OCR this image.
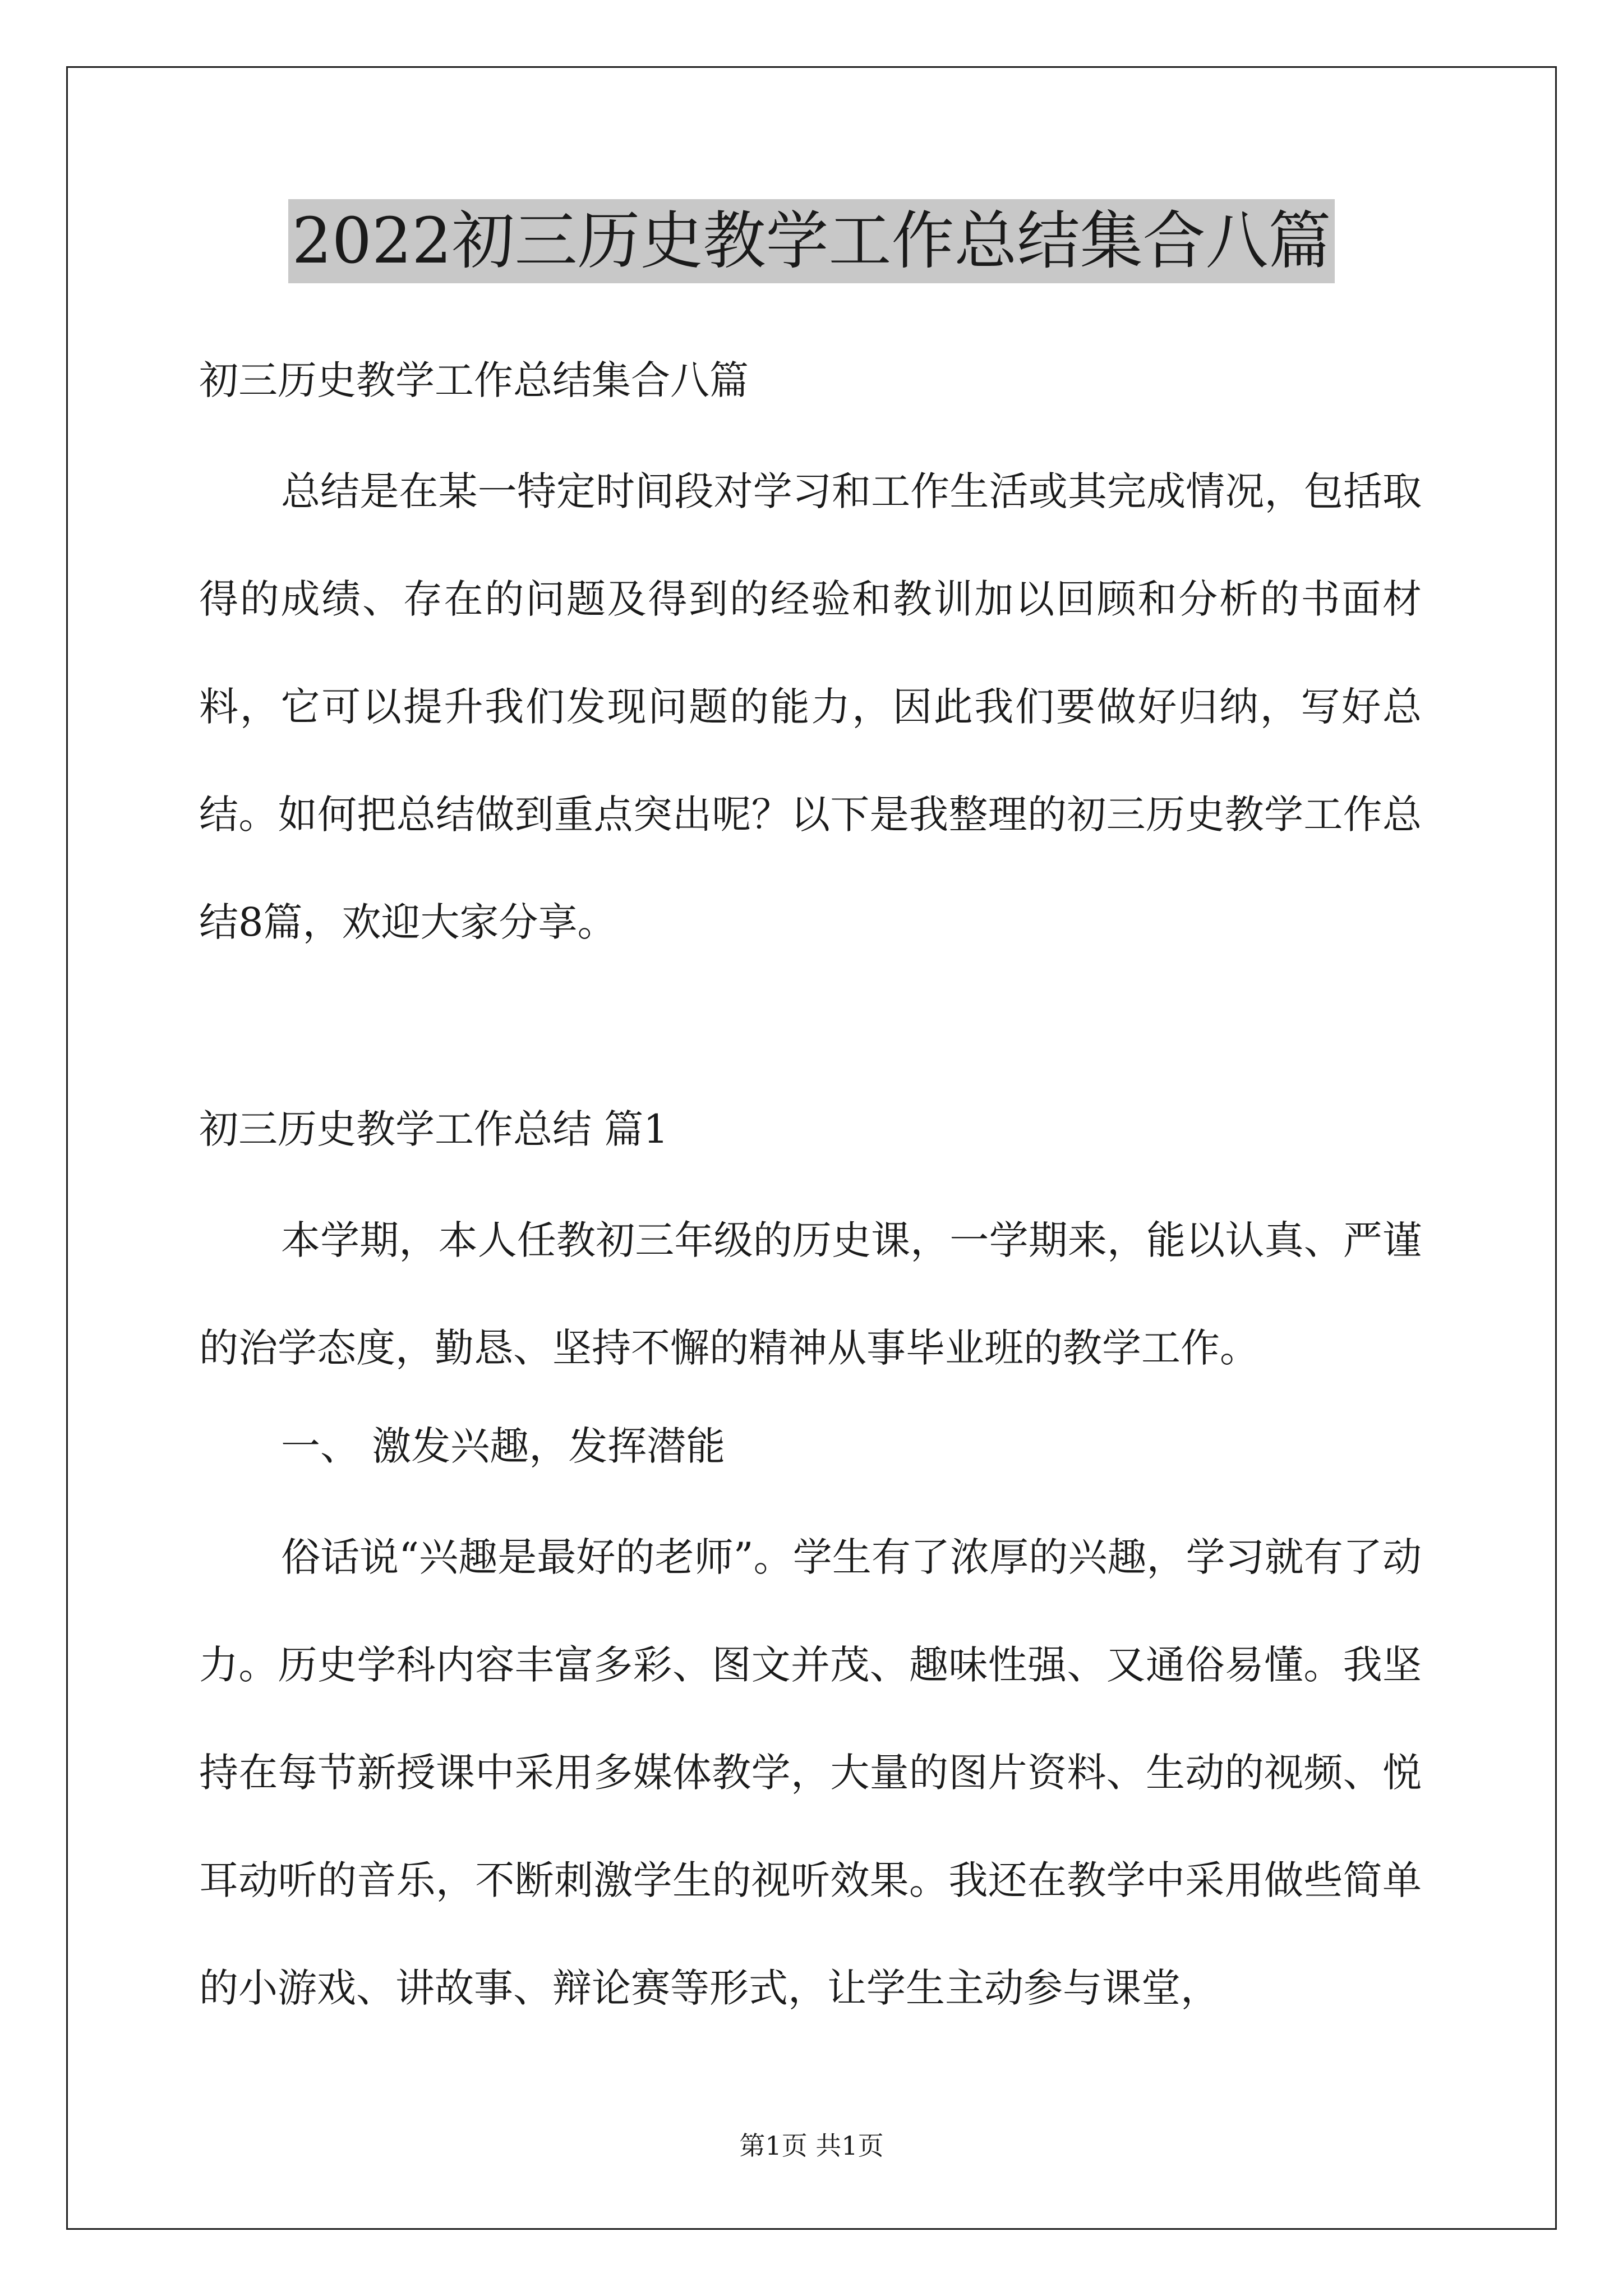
2022初三历史教学工作总结集合八篇
初三历史教学工作总结集合八篇

总结是在某一特定时间段对学习和工作生活或其完成情况，包括取得的成绩、存在的问题及得到的经验和教训加以回顾和分析的书面材料，它可以提升我们发现问题的能力，因此我们要做好归纳，写好总结。如何把总结做到重点突出呢？以下是我整理的初三历史教学工作总结8篇，欢迎大家分享。

初三历史教学工作总结 篇1

本学期，本人任教初三年级的历史课，一学期来，能以认真、严谨的治学态度，勤恳、坚持不懈的精神从事毕业班的教学工作。

一、 激发兴趣，发挥潜能

俗话说“兴趣是最好的老师”。学生有了浓厚的兴趣，学习就有了动力。历史学科内容丰富多彩、图文并茂、趣味性强、又通俗易懂。我坚持在每节新授课中采用多媒体教学，大量的图片资料、生动的视频、悦耳动听的音乐，不断刺激学生的视听效果。我还在教学中采用做些简单的小游戏、讲故事、辩论赛等形式，让学生主动参与课堂，

第1页 共1页
